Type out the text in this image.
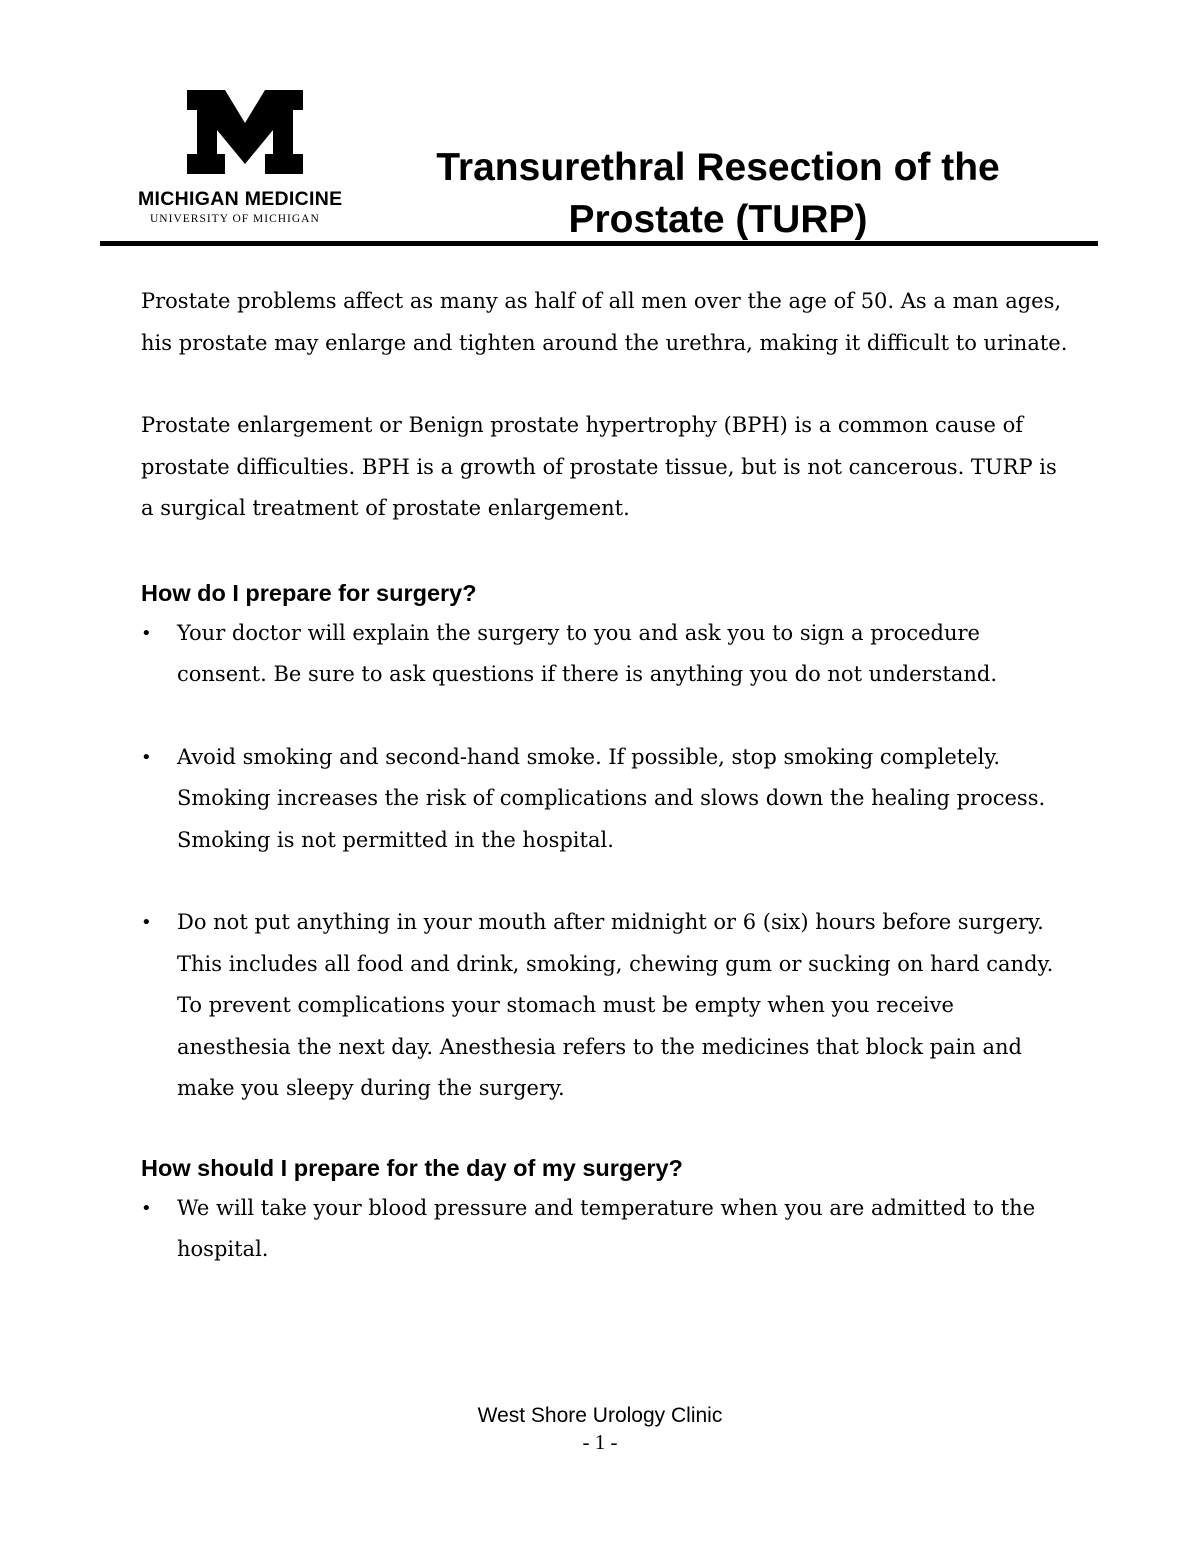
MICHIGAN MEDICINE
UNIVERSITY OF MICHIGAN
Transurethral Resection of the
Prostate (TURP)

Prostate problems affect as many as half of all men over the age of 50. As a man ages, his prostate may enlarge and tighten around the urethra, making it difficult to urinate.

Prostate enlargement or Benign prostate hypertrophy (BPH) is a common cause of prostate difficulties. BPH is a growth of prostate tissue, but is not cancerous. TURP is a surgical treatment of prostate enlargement.

How do I prepare for surgery?
•	Your doctor will explain the surgery to you and ask you to sign a procedure consent. Be sure to ask questions if there is anything you do not understand.
•	Avoid smoking and second-hand smoke. If possible, stop smoking completely. Smoking increases the risk of complications and slows down the healing process. Smoking is not permitted in the hospital.
•	Do not put anything in your mouth after midnight or 6 (six) hours before surgery. This includes all food and drink, smoking, chewing gum or sucking on hard candy. To prevent complications your stomach must be empty when you receive anesthesia the next day. Anesthesia refers to the medicines that block pain and make you sleepy during the surgery.
How should I prepare for the day of my surgery?
•	We will take your blood pressure and temperature when you are admitted to the hospital.
West Shore Urology Clinic
- 1 -
